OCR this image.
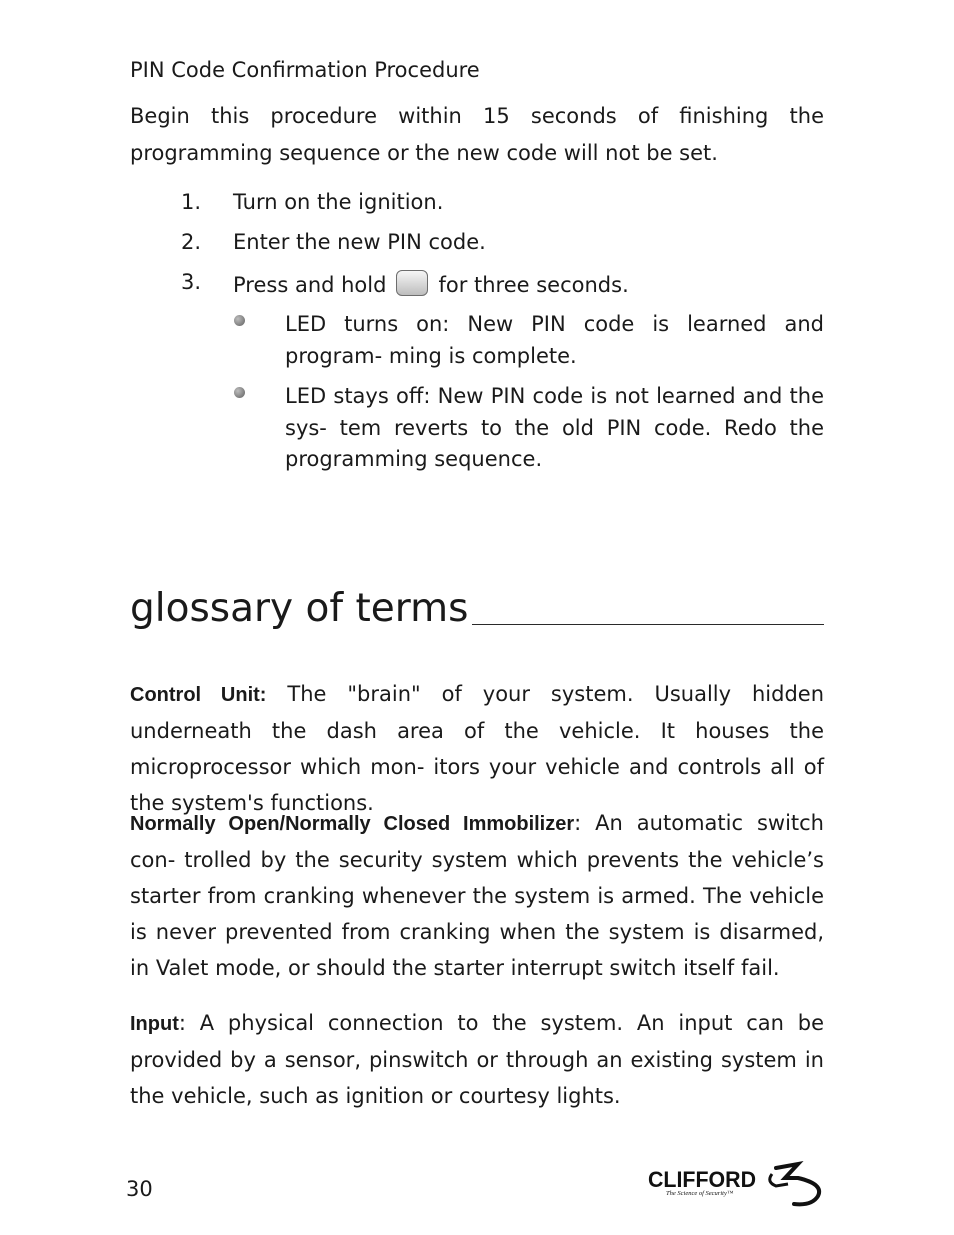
PIN Code Confirmation Procedure
Begin this procedure within 15 seconds of finishing the programming sequence or the new code will not be set.
1. Turn on the ignition.
2. Enter the new PIN code.
3. Press and hold for three seconds.
LED turns on: New PIN code is learned and program- ming is complete.
LED stays off: New PIN code is not learned and the sys- tem reverts to the old PIN code. Redo the programming sequence.
glossary of terms
Control Unit: The "brain" of your system. Usually hidden underneath the dash area of the vehicle. It houses the microprocessor which mon- itors your vehicle and controls all of the system's functions.
Normally Open/Normally Closed Immobilizer: An automatic switch con- trolled by the security system which prevents the vehicle’s starter from cranking whenever the system is armed. The vehicle is never prevented from cranking when the system is disarmed, in Valet mode, or should the starter interrupt switch itself fail.
Input: A physical connection to the system. An input can be provided by a sensor, pinswitch or through an existing system in the vehicle, such as ignition or courtesy lights.
30	CLIFFORD
The Science of Security™
